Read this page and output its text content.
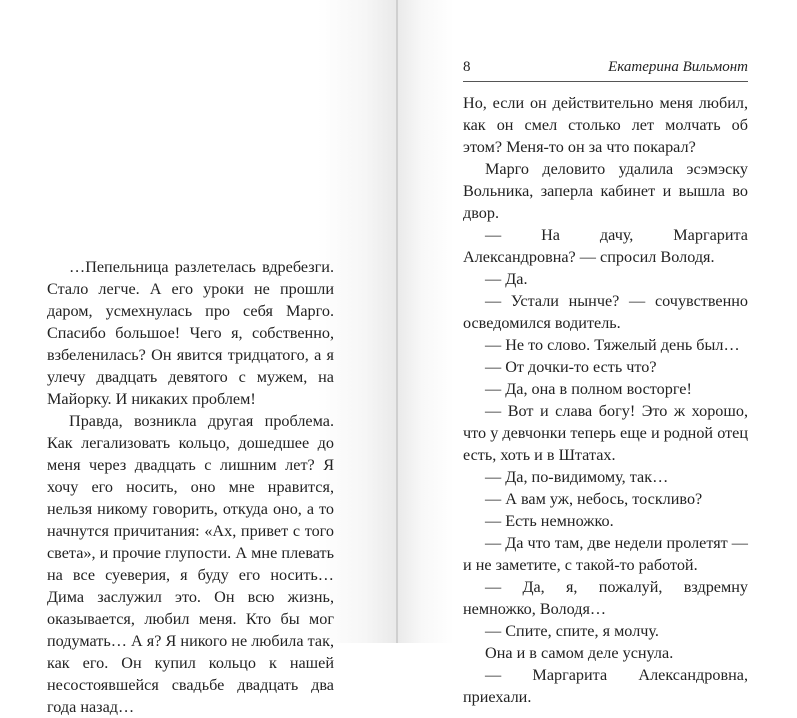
…Пепельница разлетелась вдребезги. Стало легче. А его уроки не прошли даром, усмехнулась про себя Марго. Спасибо большое! Чего я, собственно, взбеленилась? Он явится тридцатого, а я улечу двадцать девятого с мужем, на Майорку. И никаких проблем!

Правда, возникла другая проблема. Как легализовать кольцо, дошедшее до меня через двадцать с лишним лет? Я хочу его носить, оно мне нравится, нельзя никому говорить, откуда оно, а то начнутся причитания: «Ах, привет с того света», и прочие глупости. А мне плевать на все суеверия, я буду его носить… Дима заслужил это. Он всю жизнь, оказывается, любил меня. Кто бы мог подумать… А я? Я никого не любила так, как его. Он купил кольцо к нашей несостоявшейся свадьбе двадцать два года назад…

8	Екатерина Вильмонт

Но, если он действительно меня любил, как он смел столько лет молчать об этом? Меня-то он за что покарал?

Марго деловито удалила эсэмэску Вольника, заперла кабинет и вышла во двор.

— На дачу, Маргарита Александровна? — спросил Володя.

— Да.

— Устали нынче? — сочувственно осведомился водитель.

— Не то слово. Тяжелый день был…

— От дочки-то есть что?

— Да, она в полном восторге!

— Вот и слава богу! Это ж хорошо, что у девчонки теперь еще и родной отец есть, хоть и в Штатах.

— Да, по-видимому, так…

— А вам уж, небось, тоскливо?

— Есть немножко.

— Да что там, две недели пролетят — и не заметите, с такой-то работой.

— Да, я, пожалуй, вздремну немножко, Володя…

— Спите, спите, я молчу.

Она и в самом деле уснула.

— Маргарита Александровна, приехали.
